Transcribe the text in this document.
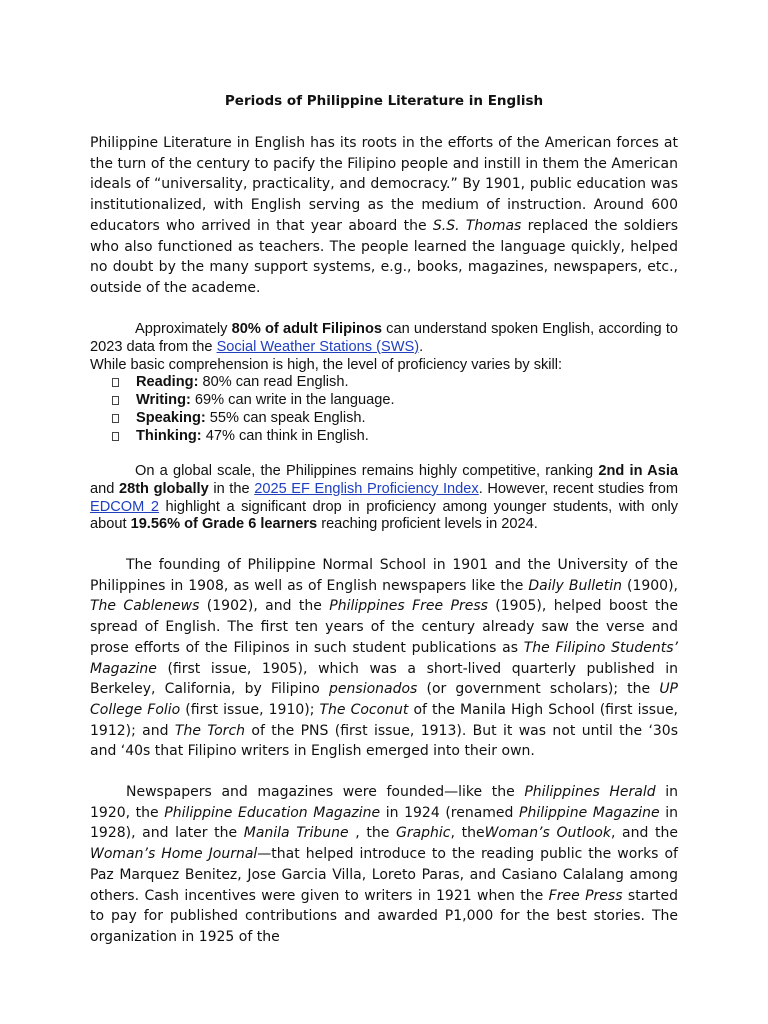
Periods of Philippine Literature in English

Philippine Literature in English has its roots in the efforts of the American forces at the turn of the century to pacify the Filipino people and instill in them the American ideals of “universality, practicality, and democracy.” By 1901, public education was institutionalized, with English serving as the medium of instruction. Around 600 educators who arrived in that year aboard the S.S. Thomas replaced the soldiers who also functioned as teachers. The people learned the language quickly, helped no doubt by the many support systems, e.g., books, magazines, newspapers, etc., outside of the academe.

Approximately 80% of adult Filipinos can understand spoken English, according to 2023 data from the Social Weather Stations (SWS).

While basic comprehension is high, the level of proficiency varies by skill:

Reading: 80% can read English.
Writing: 69% can write in the language.
Speaking: 55% can speak English.
Thinking: 47% can think in English.

On a global scale, the Philippines remains highly competitive, ranking 2nd in Asia and 28th globally in the 2025 EF English Proficiency Index. However, recent studies from EDCOM 2 highlight a significant drop in proficiency among younger students, with only about 19.56% of Grade 6 learners reaching proficient levels in 2024.

The founding of Philippine Normal School in 1901 and the University of the Philippines in 1908, as well as of English newspapers like the Daily Bulletin (1900), The Cablenews (1902), and the Philippines Free Press (1905), helped boost the spread of English. The first ten years of the century already saw the verse and prose efforts of the Filipinos in such student publications as The Filipino Students’ Magazine (first issue, 1905), which was a short-lived quarterly published in Berkeley, California, by Filipino pensionados (or government scholars); the UP College Folio (first issue, 1910); The Coconut of the Manila High School (first issue, 1912); and The Torch of the PNS (first issue, 1913). But it was not until the ‘30s and ‘40s that Filipino writers in English emerged into their own.

Newspapers and magazines were founded—like the Philippines Herald in 1920, the Philippine Education Magazine in 1924 (renamed Philippine Magazine in 1928), and later the Manila Tribune , the Graphic, theWoman’s Outlook, and the Woman’s Home Journal—that helped introduce to the reading public the works of Paz Marquez Benitez, Jose Garcia Villa, Loreto Paras, and Casiano Calalang among others. Cash incentives were given to writers in 1921 when the Free Press started to pay for published contributions and awarded P1,000 for the best stories. The organization in 1925 of the
